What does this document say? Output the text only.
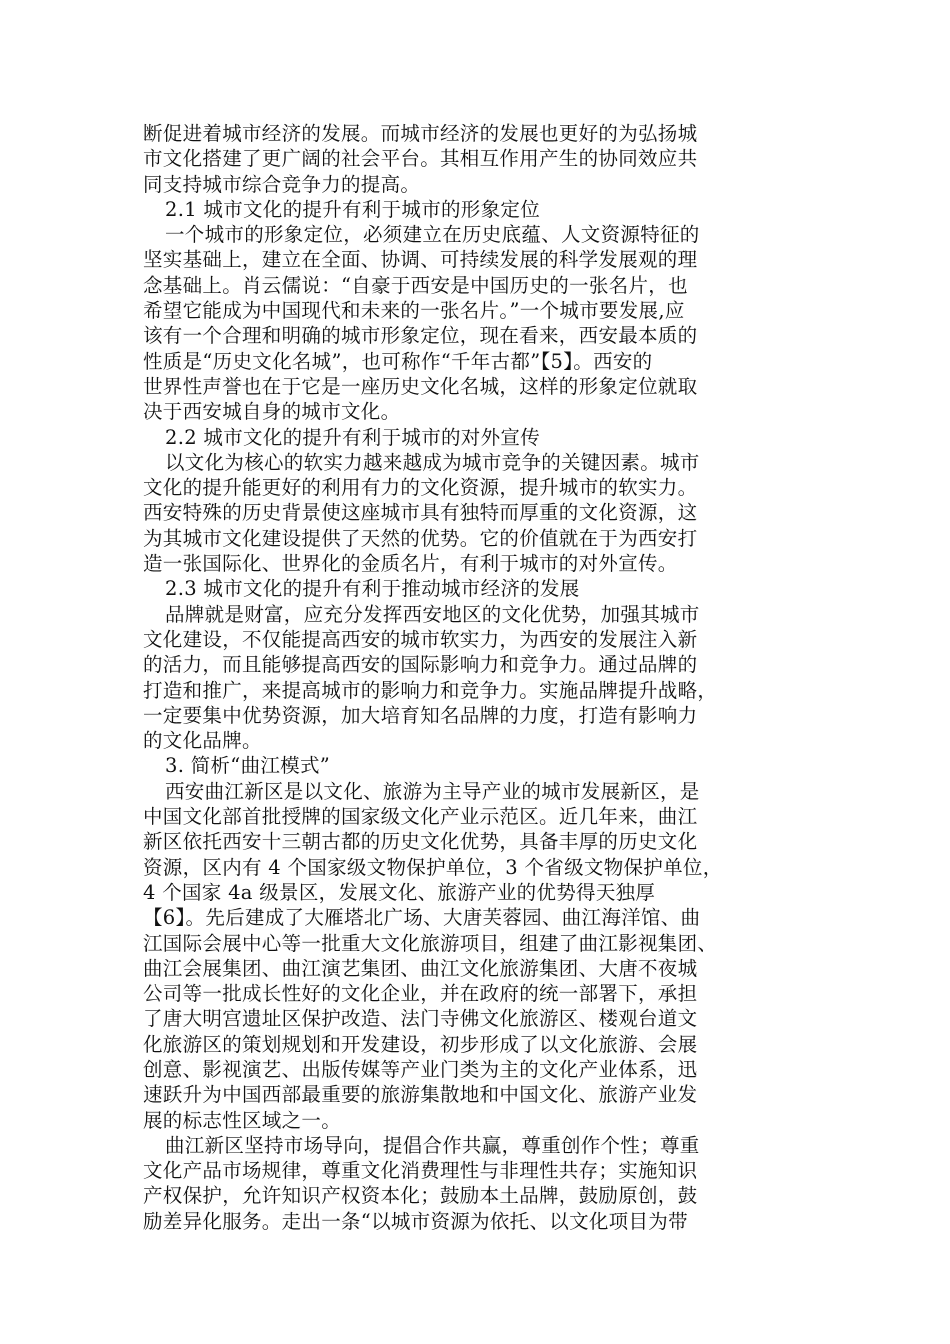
断促进着城市经济的发展。而城市经济的发展也更好的为弘扬城
市文化搭建了更广阔的社会平台。其相互作用产生的协同效应共
同支持城市综合竞争力的提高。
2.1 城市文化的提升有利于城市的形象定位
一个城市的形象定位，必须建立在历史底蕴、人文资源特征的
坚实基础上，建立在全面、协调、可持续发展的科学发展观的理
念基础上。肖云儒说：“自豪于西安是中国历史的一张名片，也
希望它能成为中国现代和未来的一张名片。”一个城市要发展,应
该有一个合理和明确的城市形象定位，现在看来，西安最本质的
性质是“历史文化名城”，也可称作“千年古都”【5】。西安的
世界性声誉也在于它是一座历史文化名城，这样的形象定位就取
决于西安城自身的城市文化。
2.2 城市文化的提升有利于城市的对外宣传
以文化为核心的软实力越来越成为城市竞争的关键因素。城市
文化的提升能更好的利用有力的文化资源，提升城市的软实力。
西安特殊的历史背景使这座城市具有独特而厚重的文化资源，这
为其城市文化建设提供了天然的优势。它的价值就在于为西安打
造一张国际化、世界化的金质名片，有利于城市的对外宣传。
2.3 城市文化的提升有利于推动城市经济的发展
品牌就是财富，应充分发挥西安地区的文化优势，加强其城市
文化建设，不仅能提高西安的城市软实力，为西安的发展注入新
的活力，而且能够提高西安的国际影响力和竞争力。通过品牌的
打造和推广，来提高城市的影响力和竞争力。实施品牌提升战略，
一定要集中优势资源，加大培育知名品牌的力度，打造有影响力
的文化品牌。
3. 简析“曲江模式”
西安曲江新区是以文化、旅游为主导产业的城市发展新区，是
中国文化部首批授牌的国家级文化产业示范区。近几年来，曲江
新区依托西安十三朝古都的历史文化优势，具备丰厚的历史文化
资源，区内有 4 个国家级文物保护单位，3 个省级文物保护单位，
4 个国家 4a 级景区，发展文化、旅游产业的优势得天独厚
【6】。先后建成了大雁塔北广场、大唐芙蓉园、曲江海洋馆、曲
江国际会展中心等一批重大文化旅游项目，组建了曲江影视集团、
曲江会展集团、曲江演艺集团、曲江文化旅游集团、大唐不夜城
公司等一批成长性好的文化企业，并在政府的统一部署下，承担
了唐大明宫遗址区保护改造、法门寺佛文化旅游区、楼观台道文
化旅游区的策划规划和开发建设，初步形成了以文化旅游、会展
创意、影视演艺、出版传媒等产业门类为主的文化产业体系，迅
速跃升为中国西部最重要的旅游集散地和中国文化、旅游产业发
展的标志性区域之一。
曲江新区坚持市场导向，提倡合作共赢，尊重创作个性；尊重
文化产品市场规律，尊重文化消费理性与非理性共存；实施知识
产权保护，允许知识产权资本化；鼓励本土品牌，鼓励原创，鼓
励差异化服务。走出一条“以城市资源为依托、以文化项目为带
